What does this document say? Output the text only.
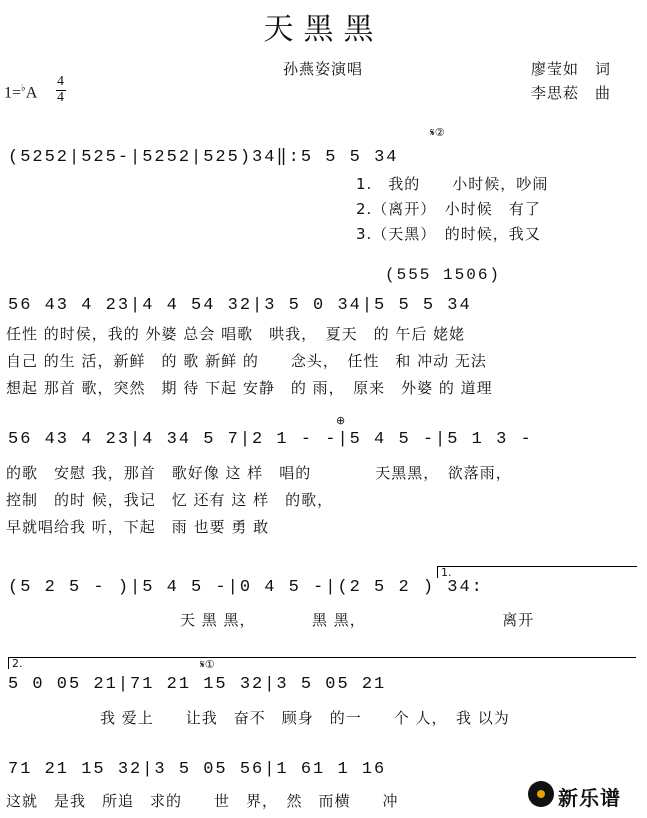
天黑黑
孙燕姿演唱	廖莹如　词
李思菘　曲
1=♭A
4
4
𝄋②
(5252|525-|5252|525)34‖:5 5 5 34
1.　我的　　小时候，吵闹
2.（离开）　小时候　有了
3.（天黑）　的时候，我又
(555 1506)
56 43 4 23|4 4 54 32|3 5 0 34|5 5 5 34
任性 的时侯，我的 外婆 总会 唱歌　哄我，　夏天　的 午后 姥姥
自己 的生 活，新鲜　的 歌 新鲜 的　　念头，　任性　和 冲动 无法
想起 那首 歌，突然　期 待 下起 安静　的 雨，　原来　外婆 的 道理
⊕
56 43 4 23|4 34 5 7|2 1 - -|5 4 5 -|5 1 3 -
的歌　安慰 我，那首　歌好像 这 样　唱的　　　　天黑黑，　欲落雨，
控制　的时 候，我记　忆 还有 这 样　的歌，
早就唱给我 听，下起　雨 也要 勇 敢
1.
(5 2 5 - )|5 4 5 -|0 4 5 -|(2 5 2 ) 34:
天 黑 黑，　　　　黑 黑，　　　　　　　　　离开
2.	𝄋①
5 0 05 21|71 21 15 32|3 5 05 21
我 爱上　　让我　奋不　顾身　的一　　个 人，　我 以为
71 21 15 32|3 5 05 56|1 61 1 16
这就　是我　所追　求的　　世　界，　然　而横　　冲	新乐谱
